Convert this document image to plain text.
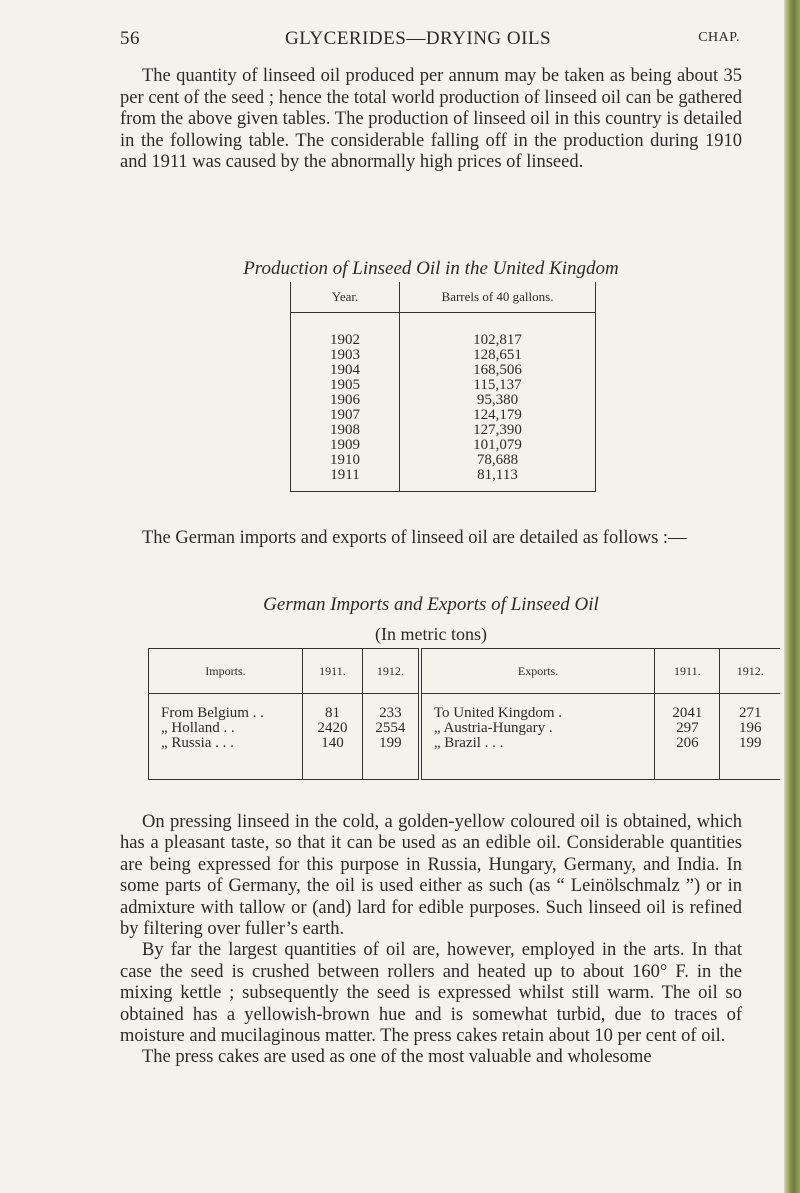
56	GLYCERIDES—DRYING OILS	CHAP.

The quantity of linseed oil produced per annum may be taken as being about 35 per cent of the seed ; hence the total world production of linseed oil can be gathered from the above given tables. The production of linseed oil in this country is detailed in the following table. The considerable falling off in the production during 1910 and 1911 was caused by the abnormally high prices of linseed.

Production of Linseed Oil in the United Kingdom
Year.	Barrels of 40 gallons.
1902	102,817
1903	128,651
1904	168,506
1905	115,137
1906	95,380
1907	124,179
1908	127,390
1909	101,079
1910	78,688
1911	81,113

The German imports and exports of linseed oil are detailed as follows :—

German Imports and Exports of Linseed Oil
(In metric tons)
Imports.	1911.	1912.	Exports.	1911.	1912.
From Belgium . .	81	233	To United Kingdom .	2041	271
„ Holland . .	2420	2554	„ Austria-Hungary .	297	196
„ Russia . . .	140	199	„ Brazil . . .	206	199

On pressing linseed in the cold, a golden-yellow coloured oil is obtained, which has a pleasant taste, so that it can be used as an edible oil. Considerable quantities are being expressed for this purpose in Russia, Hungary, Germany, and India. In some parts of Germany, the oil is used either as such (as “ Leinölschmalz ”) or in admixture with tallow or (and) lard for edible purposes. Such linseed oil is refined by filtering over fuller’s earth.

By far the largest quantities of oil are, however, employed in the arts. In that case the seed is crushed between rollers and heated up to about 160° F. in the mixing kettle ; subsequently the seed is expressed whilst still warm. The oil so obtained has a yellowish-brown hue and is somewhat turbid, due to traces of moisture and mucilaginous matter. The press cakes retain about 10 per cent of oil.

The press cakes are used as one of the most valuable and wholesome
